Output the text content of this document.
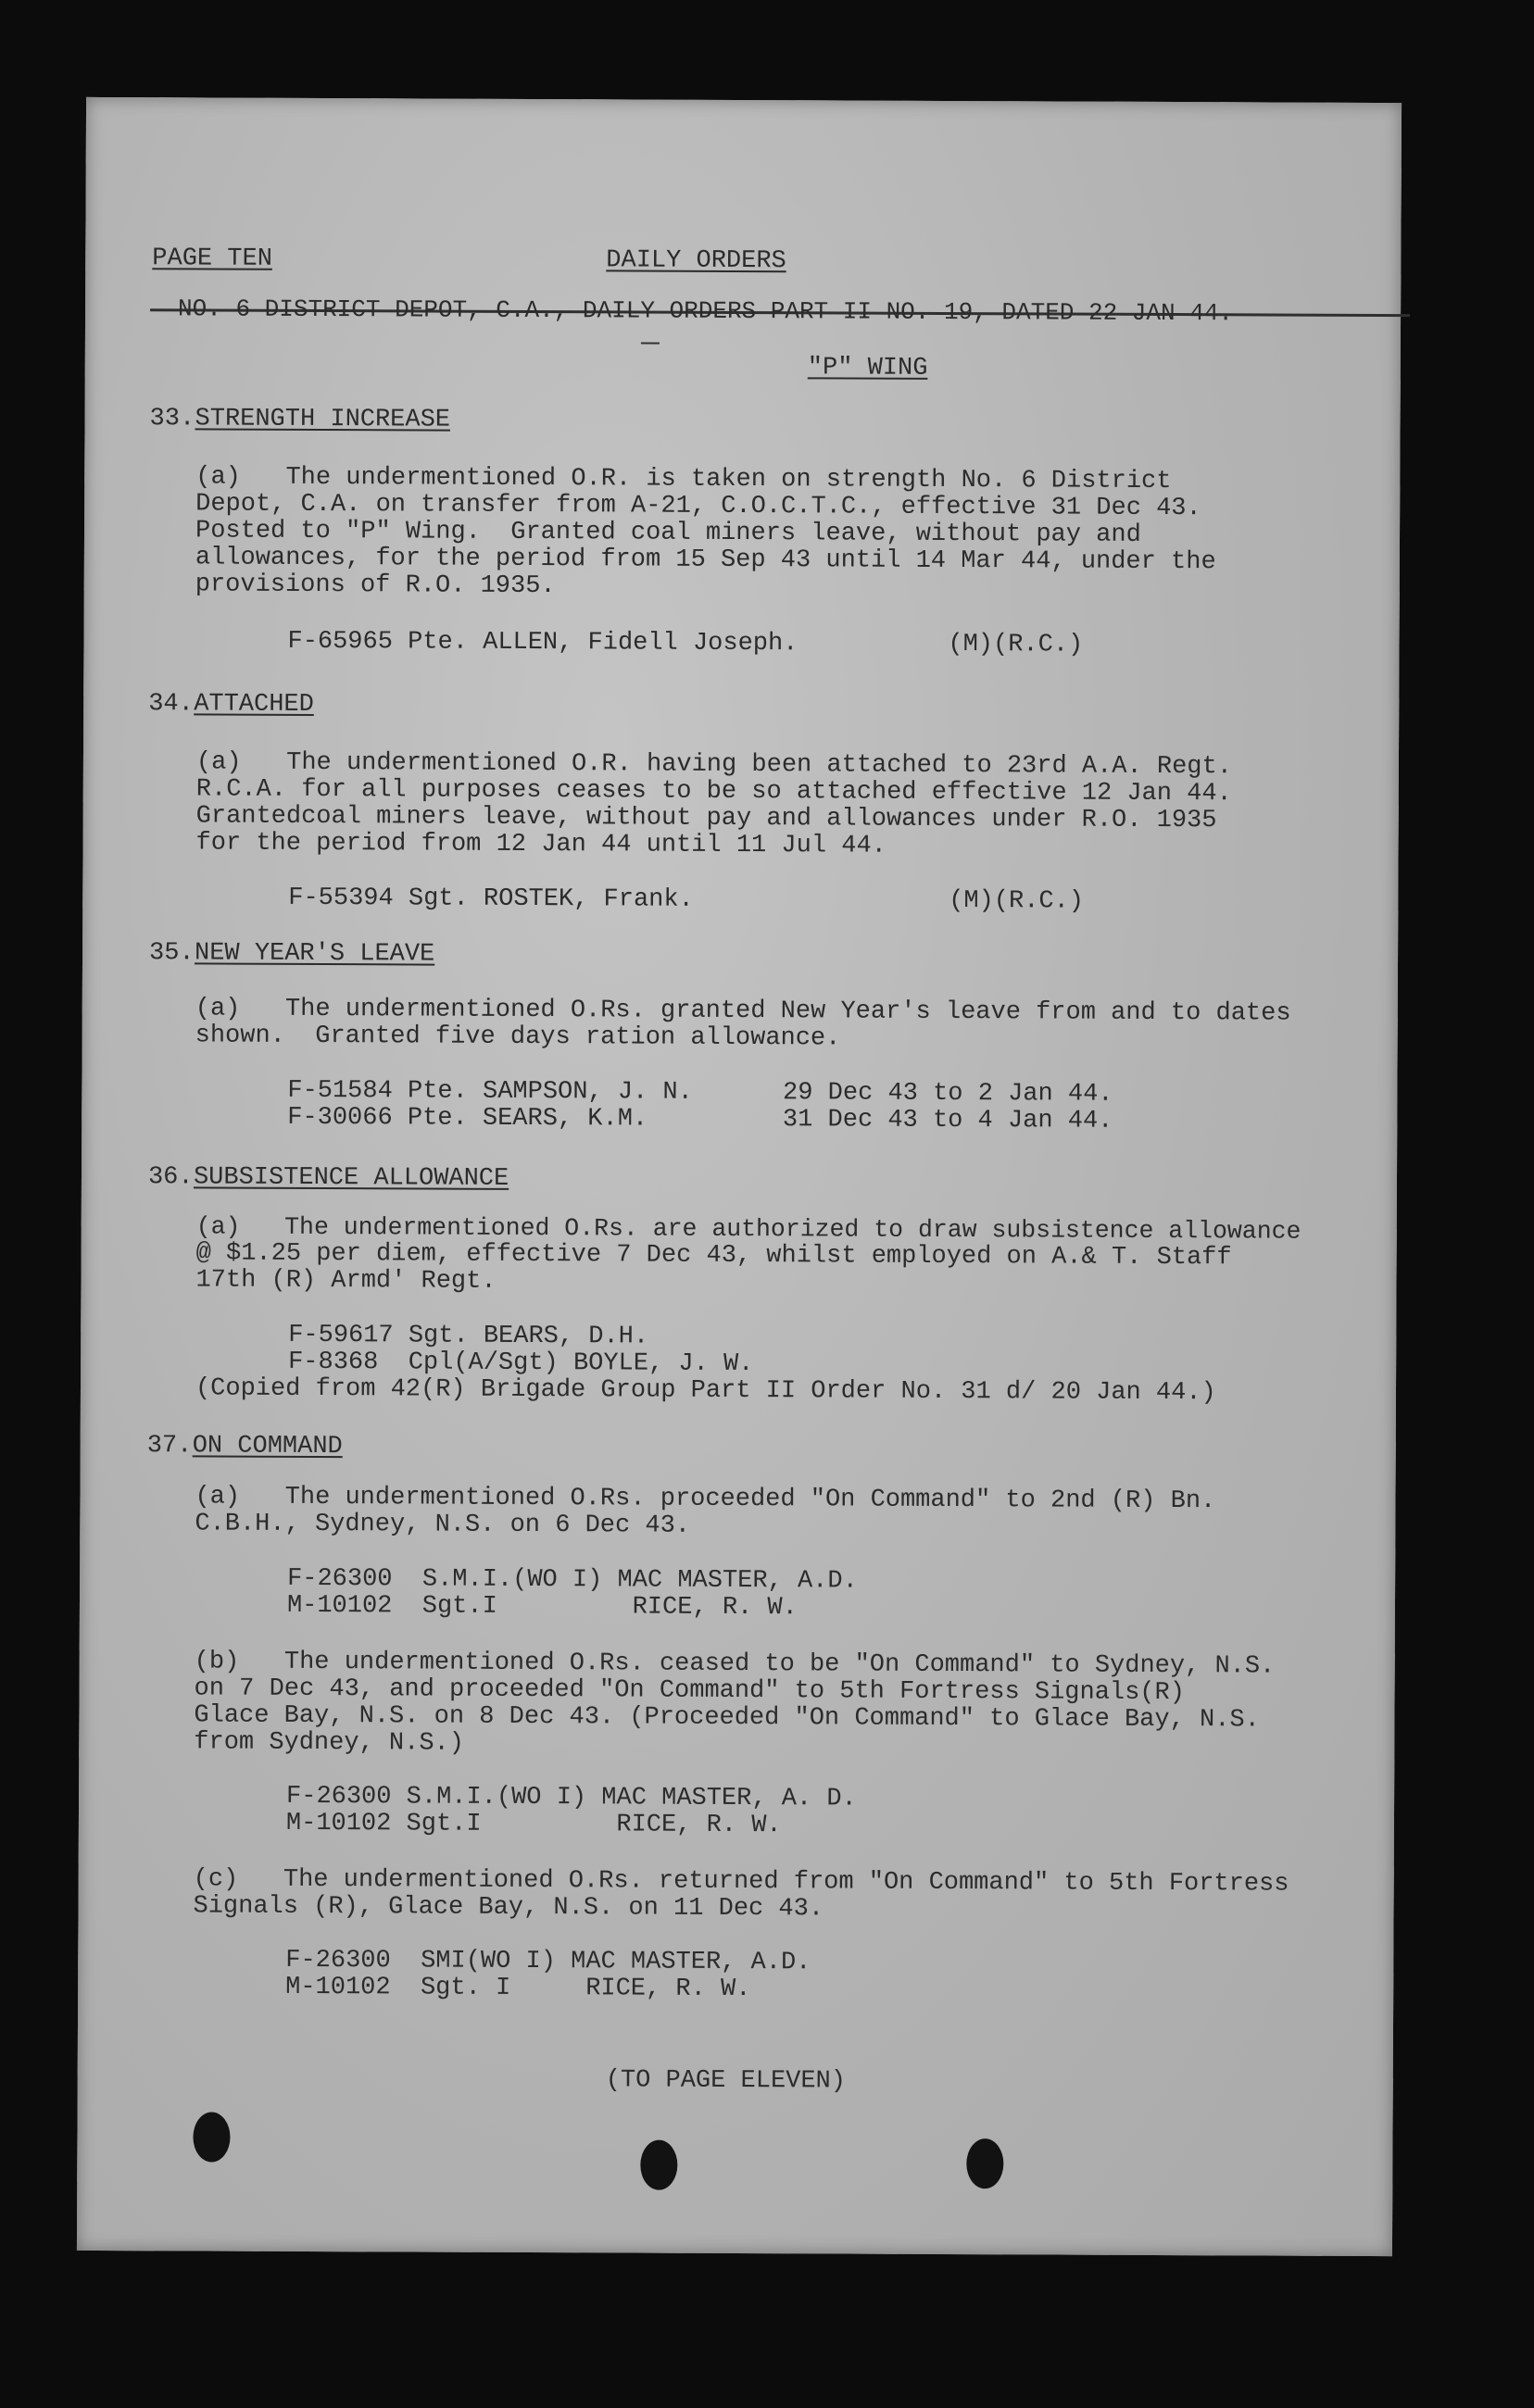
PAGE TEN	DAILY ORDERS
NO. 6 DISTRICT DEPOT, C.A., DAILY ORDERS PART II NO. 19, DATED 22 JAN 44.
"P" WING
33. STRENGTH INCREASE
(a)   The undermentioned O.R. is taken on strength No. 6 District
Depot, C.A. on transfer from A-21, C.O.C.T.C., effective 31 Dec 43.
Posted to "P" Wing.  Granted coal miners leave, without pay and
allowances, for the period from 15 Sep 43 until 14 Mar 44, under the
provisions of R.O. 1935.
F-65965 Pte. ALLEN, Fidell Joseph.          (M)(R.C.)
34. ATTACHED
(a)   The undermentioned O.R. having been attached to 23rd A.A. Regt.
R.C.A. for all purposes ceases to be so attached effective 12 Jan 44.
Grantedcoal miners leave, without pay and allowances under R.O. 1935
for the period from 12 Jan 44 until 11 Jul 44.
F-55394 Sgt. ROSTEK, Frank.                 (M)(R.C.)
35. NEW YEAR'S LEAVE
(a)   The undermentioned O.Rs. granted New Year's leave from and to dates
shown.  Granted five days ration allowance.
F-51584 Pte. SAMPSON, J. N.      29 Dec 43 to 2 Jan 44.
F-30066 Pte. SEARS, K.M.         31 Dec 43 to 4 Jan 44.
36. SUBSISTENCE ALLOWANCE
(a)   The undermentioned O.Rs. are authorized to draw subsistence allowance
@ $1.25 per diem, effective 7 Dec 43, whilst employed on A.& T. Staff
17th (R) Armd' Regt.
F-59617 Sgt. BEARS, D.H.
F-8368  Cpl(A/Sgt) BOYLE, J. W.
(Copied from 42(R) Brigade Group Part II Order No. 31 d/ 20 Jan 44.)
37. ON COMMAND
(a)   The undermentioned O.Rs. proceeded "On Command" to 2nd (R) Bn.
C.B.H., Sydney, N.S. on 6 Dec 43.
F-26300  S.M.I.(WO I) MAC MASTER, A.D.
M-10102  Sgt.I         RICE, R. W.
(b)   The undermentioned O.Rs. ceased to be "On Command" to Sydney, N.S.
on 7 Dec 43, and proceeded "On Command" to 5th Fortress Signals(R)
Glace Bay, N.S. on 8 Dec 43. (Proceeded "On Command" to Glace Bay, N.S.
from Sydney, N.S.)
F-26300 S.M.I.(WO I) MAC MASTER, A. D.
M-10102 Sgt.I         RICE, R. W.
(c)   The undermentioned O.Rs. returned from "On Command" to 5th Fortress
Signals (R), Glace Bay, N.S. on 11 Dec 43.
F-26300  SMI(WO I) MAC MASTER, A.D.
M-10102  Sgt. I     RICE, R. W.
(TO PAGE ELEVEN)
